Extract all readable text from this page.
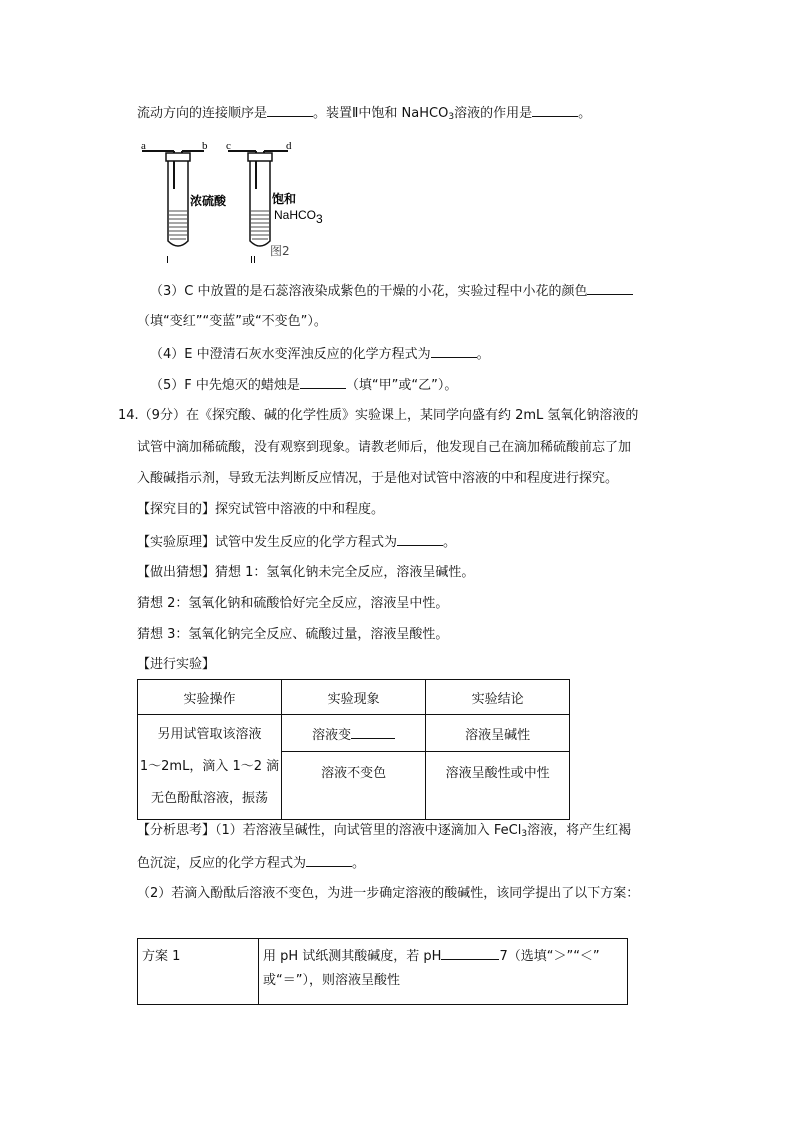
流动方向的连接顺序是	。装置Ⅱ中饱和 NaHCO$_3$溶液的作用是	。
a	b c	d
浓硫酸	饱和
NaHCO3
图2
I	II
（3）C 中放置的是石蕊溶液染成紫色的干燥的小花，实验过程中小花的颜色
（填“变红”“变蓝”或“不变色”）。
（4）E 中澄清石灰水变浑浊反应的化学方程式为	。
（5）F 中先熄灭的蜡烛是	（填“甲”或“乙”）。
14.（9分）在《探究酸、碱的化学性质》实验课上，某同学向盛有约 2mL 氢氧化钠溶液的
试管中滴加稀硫酸，没有观察到现象。请教老师后，他发现自己在滴加稀硫酸前忘了加
入酸碱指示剂，导致无法判断反应情况，于是他对试管中溶液的中和程度进行探究。
【探究目的】探究试管中溶液的中和程度。
【实验原理】试管中发生反应的化学方程式为	。
【做出猜想】猜想 1：氢氧化钠未完全反应，溶液呈碱性。
猜想 2：氢氧化钠和硫酸恰好完全反应，溶液呈中性。
猜想 3：氢氧化钠完全反应、硫酸过量，溶液呈酸性。
【进行实验】
实验操作	实验现象	实验结论

另用试管取该溶液
1～2mL，滴入 1～2 滴
无色酚酞溶液，振荡	溶液变	溶液呈碱性
	溶液不变色	溶液呈酸性或中性
【分析思考】（1）若溶液呈碱性，向试管里的溶液中逐滴加入 FeCl$_3$溶液，将产生红褐
色沉淀，反应的化学方程式为	。
（2）若滴入酚酞后溶液不变色，为进一步确定溶液的酸碱性，该同学提出了以下方案：
方案 1	用 pH 试纸测其酸碱度，若 pH	7（选填“＞”“＜”
或“＝”），则溶液呈酸性
